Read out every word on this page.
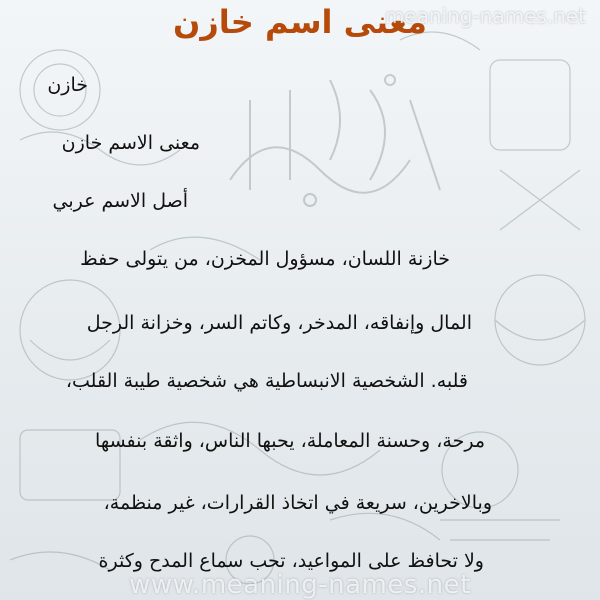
معنى اسم خازن
meaning-names.net
خازن
معنى الاسم خازن
أصل الاسم عربي
خازنة اللسان، مسؤول المخزن، من يتولى حفظ
المال وإنفاقه، المدخر، وكاتم السر، وخزانة الرجل
قلبه. الشخصية الانبساطية هي شخصية طيبة القلب،
مرحة، وحسنة المعاملة، يحبها الناس، واثقة بنفسها
وبالاخرين، سريعة في اتخاذ القرارات، غير منظمة،
ولا تحافظ على المواعيد، تحب سماع المدح وكثرة
www.meaning-names.net
